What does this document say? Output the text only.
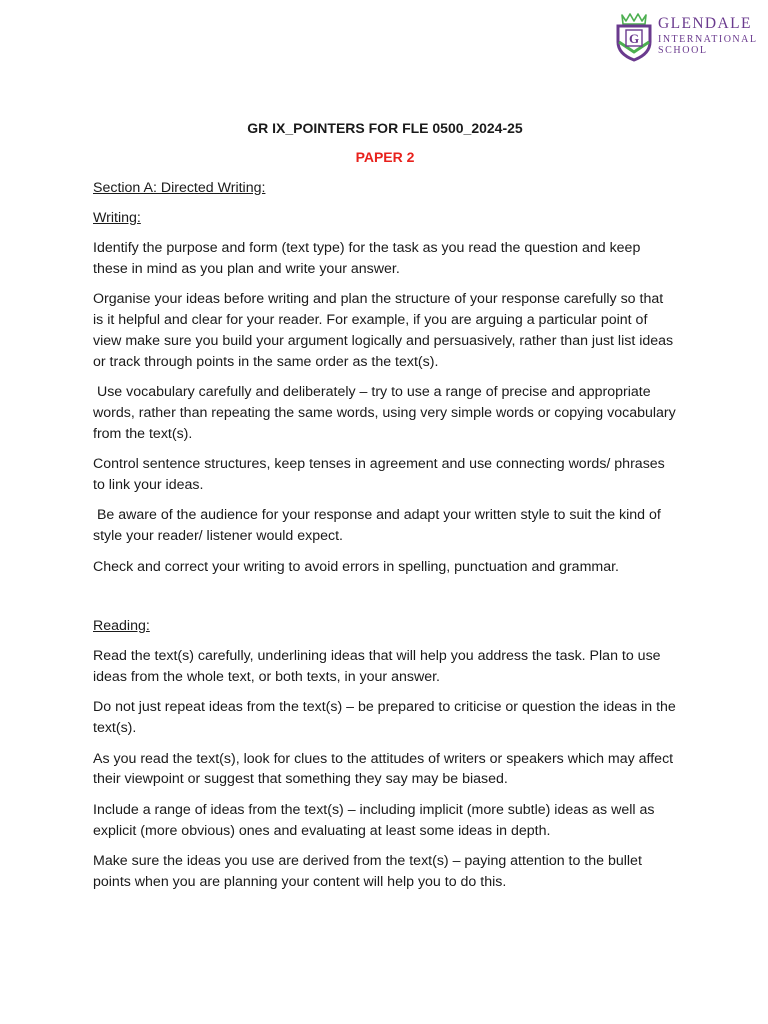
G
GLENDALE
INTERNATIONAL
SCHOOL

GR IX_POINTERS FOR FLE 0500_2024-25

PAPER 2

Section A: Directed Writing:

Writing:

Identify the purpose and form (text type) for the task as you read the question and keep these in mind as you plan and write your answer.

Organise your ideas before writing and plan the structure of your response carefully so that is it helpful and clear for your reader. For example, if you are arguing a particular point of view make sure you build your argument logically and persuasively, rather than just list ideas or track through points in the same order as the text(s).

Use vocabulary carefully and deliberately – try to use a range of precise and appropriate words, rather than repeating the same words, using very simple words or copying vocabulary from the text(s).

Control sentence structures, keep tenses in agreement and use connecting words/ phrases to link your ideas.

Be aware of the audience for your response and adapt your written style to suit the kind of style your reader/ listener would expect.

Check and correct your writing to avoid errors in spelling, punctuation and grammar.

Reading:

Read the text(s) carefully, underlining ideas that will help you address the task. Plan to use ideas from the whole text, or both texts, in your answer.

Do not just repeat ideas from the text(s) – be prepared to criticise or question the ideas in the text(s).

As you read the text(s), look for clues to the attitudes of writers or speakers which may affect their viewpoint or suggest that something they say may be biased.

Include a range of ideas from the text(s) – including implicit (more subtle) ideas as well as explicit (more obvious) ones and evaluating at least some ideas in depth.

Make sure the ideas you use are derived from the text(s) – paying attention to the bullet points when you are planning your content will help you to do this.
